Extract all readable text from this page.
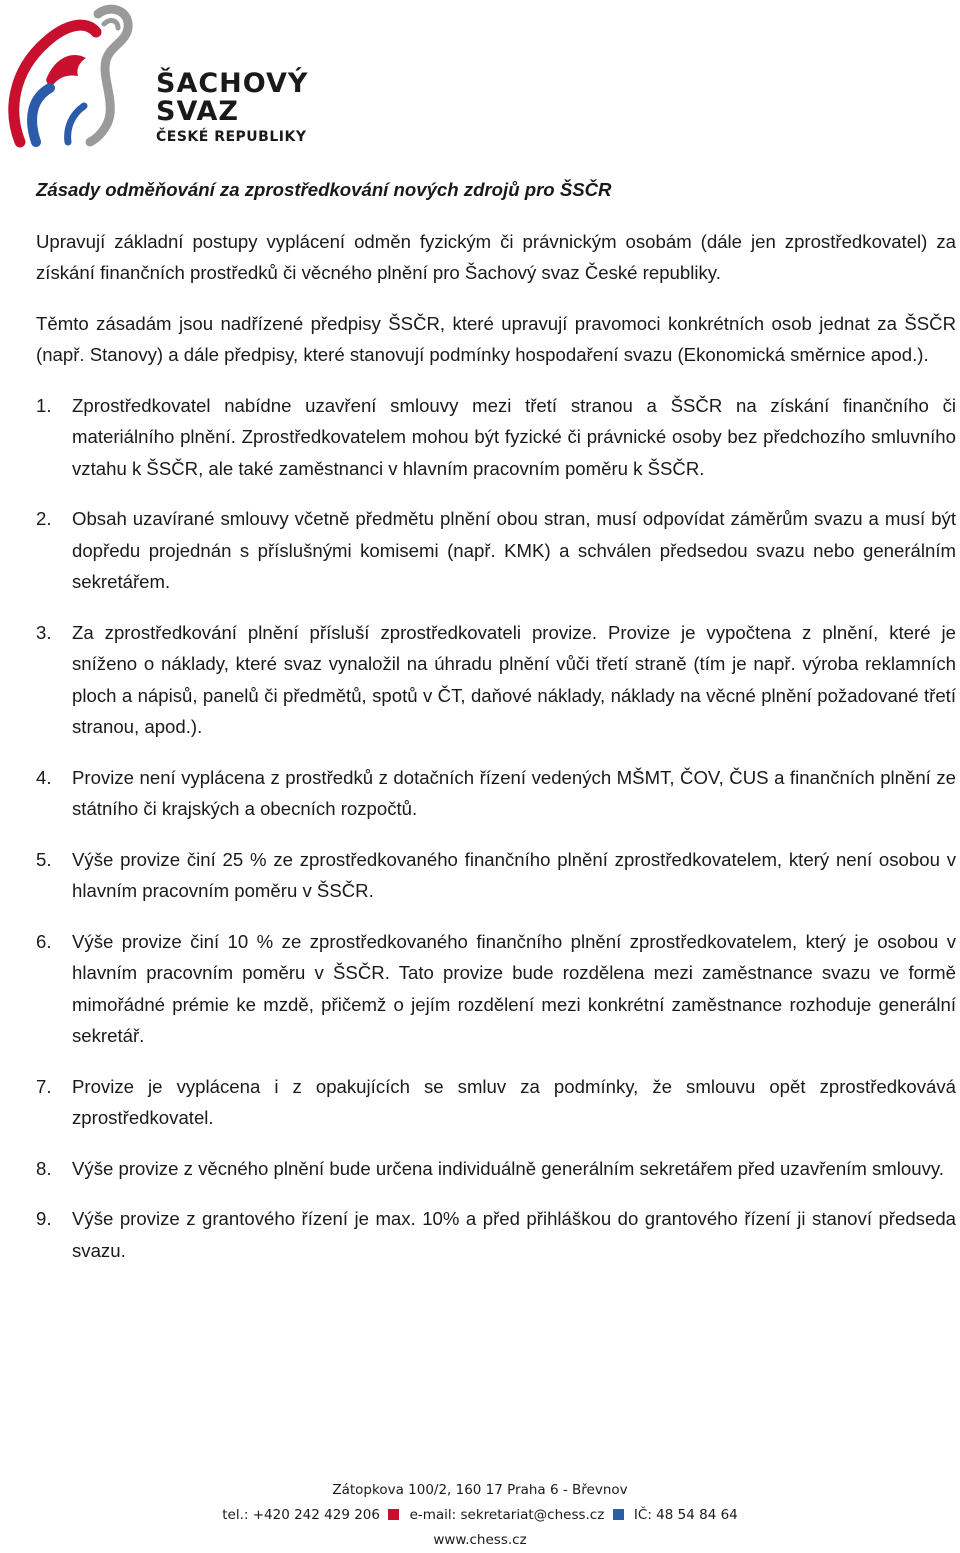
ŠACHOVÝ
SVAZ
ČESKÉ REPUBLIKY

Zásady odměňování za zprostředkování nových zdrojů pro ŠSČR

Upravují základní postupy vyplácení odměn fyzickým či právnickým osobám (dále jen zprostředkovatel) za získání finančních prostředků či věcného plnění pro Šachový svaz České republiky.

Těmto zásadám jsou nadřízené předpisy ŠSČR, které upravují pravomoci konkrétních osob jednat za ŠSČR (např. Stanovy) a dále předpisy, které stanovují podmínky hospodaření svazu (Ekonomická směrnice apod.).

1.	Zprostředkovatel nabídne uzavření smlouvy mezi třetí stranou a ŠSČR na získání finančního či materiálního plnění. Zprostředkovatelem mohou být fyzické či právnické osoby bez předchozího smluvního vztahu k ŠSČR, ale také zaměstnanci v hlavním pracovním poměru k ŠSČR.
2.	Obsah uzavírané smlouvy včetně předmětu plnění obou stran, musí odpovídat záměrům svazu a musí být dopředu projednán s příslušnými komisemi (např. KMK) a schválen předsedou svazu nebo generálním sekretářem.
3.	Za zprostředkování plnění přísluší zprostředkovateli provize. Provize je vypočtena z plnění, které je sníženo o náklady, které svaz vynaložil na úhradu plnění vůči třetí straně (tím je např. výroba reklamních ploch a nápisů, panelů či předmětů, spotů v ČT, daňové náklady, náklady na věcné plnění požadované třetí stranou, apod.).
4.	Provize není vyplácena z prostředků z dotačních řízení vedených MŠMT, ČOV, ČUS a finančních plnění ze státního či krajských a obecních rozpočtů.
5.	Výše provize činí 25 % ze zprostředkovaného finančního plnění zprostředkovatelem, který není osobou v hlavním pracovním poměru v ŠSČR.
6.	Výše provize činí 10 % ze zprostředkovaného finančního plnění zprostředkovatelem, který je osobou v hlavním pracovním poměru v ŠSČR. Tato provize bude rozdělena mezi zaměstnance svazu ve formě mimořádné prémie ke mzdě, přičemž o jejím rozdělení mezi konkrétní zaměstnance rozhoduje generální sekretář.
7.	Provize je vyplácena i z opakujících se smluv za podmínky, že smlouvu opět zprostředkovává zprostředkovatel.
8.	Výše provize z věcného plnění bude určena individuálně generálním sekretářem před uzavřením smlouvy.
9.	Výše provize z grantového řízení je max. 10% a před přihláškou do grantového řízení ji stanoví předseda svazu.
Zátopkova 100/2, 160 17 Praha 6 - Břevnov
tel.: +420 242 429 206 e-mail: sekretariat@chess.cz IČ: 48 54 84 64
www.chess.cz
